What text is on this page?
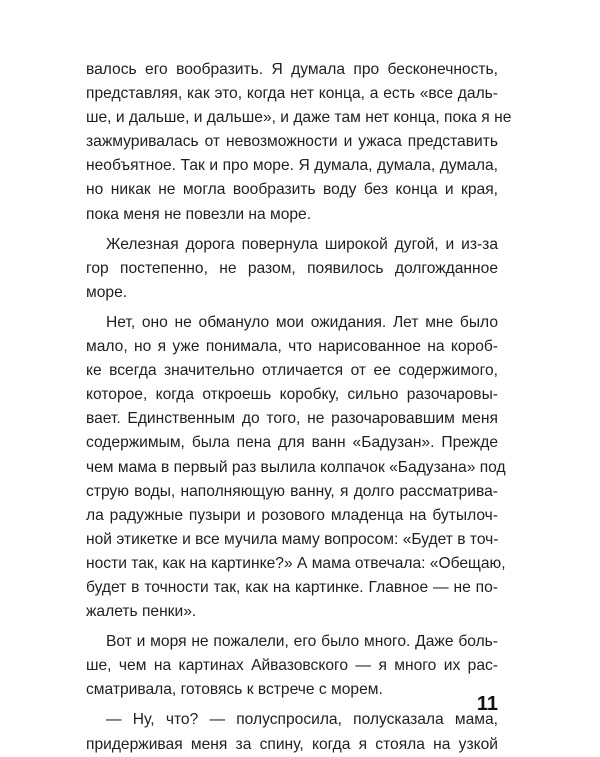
валось его вообразить. Я думала про бесконечность,
представляя, как это, когда нет конца, а есть «все даль-
ше, и дальше, и дальше», и даже там нет конца, пока я не
зажмуривалась от невозможности и ужаса представить
необъятное. Так и про море. Я думала, думала, думала,
но никак не могла вообразить воду без конца и края,
пока меня не повезли на море.
Железная дорога повернула широкой дугой, и из-за
гор постепенно, не разом, появилось долгожданное
море.
Нет, оно не обмануло мои ожидания. Лет мне было
мало, но я уже понимала, что нарисованное на короб-
ке всегда значительно отличается от ее содержимого,
которое, когда откроешь коробку, сильно разочаровы-
вает. Единственным до того, не разочаровавшим меня
содержимым, была пена для ванн «Бадузан». Прежде
чем мама в первый раз вылила колпачок «Бадузана» под
струю воды, наполняющую ванну, я долго рассматрива-
ла радужные пузыри и розового младенца на бутылоч-
ной этикетке и все мучила маму вопросом: «Будет в точ-
ности так, как на картинке?» А мама отвечала: «Обещаю,
будет в точности так, как на картинке. Главное — не по-
жалеть пенки».
Вот и моря не пожалели, его было много. Даже боль-
ше, чем на картинах Айвазовского — я много их рас-
сматривала, готовясь к встрече с морем.
— Ну, что? — полуспросила, полусказала мама,
придерживая меня за спину, когда я стояла на узкой
11
